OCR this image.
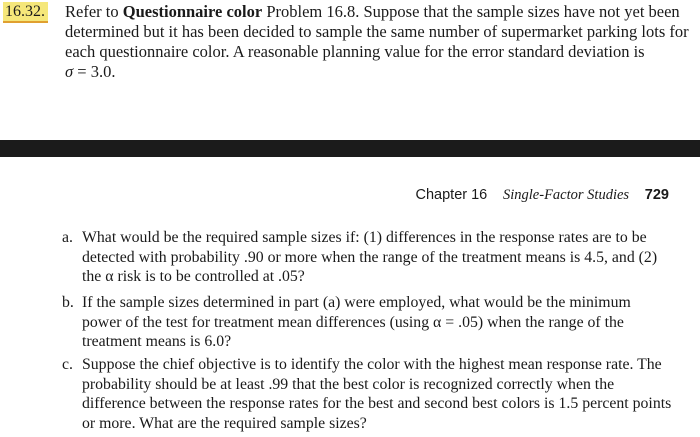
16.32. Refer to Questionnaire color Problem 16.8. Suppose that the sample sizes have not yet been determined but it has been decided to sample the same number of supermarket parking lots for each questionnaire color. A reasonable planning value for the error standard deviation is
σ = 3.0.
Chapter 16 Single-Factor Studies 729
a. What would be the required sample sizes if: (1) differences in the response rates are to be detected with probability .90 or more when the range of the treatment means is 4.5, and (2) the α risk is to be controlled at .05?
b. If the sample sizes determined in part (a) were employed, what would be the minimum power of the test for treatment mean differences (using α = .05) when the range of the treatment means is 6.0?
c. Suppose the chief objective is to identify the color with the highest mean response rate. The probability should be at least .99 that the best color is recognized correctly when the difference between the response rates for the best and second best colors is 1.5 percent points or more. What are the required sample sizes?
